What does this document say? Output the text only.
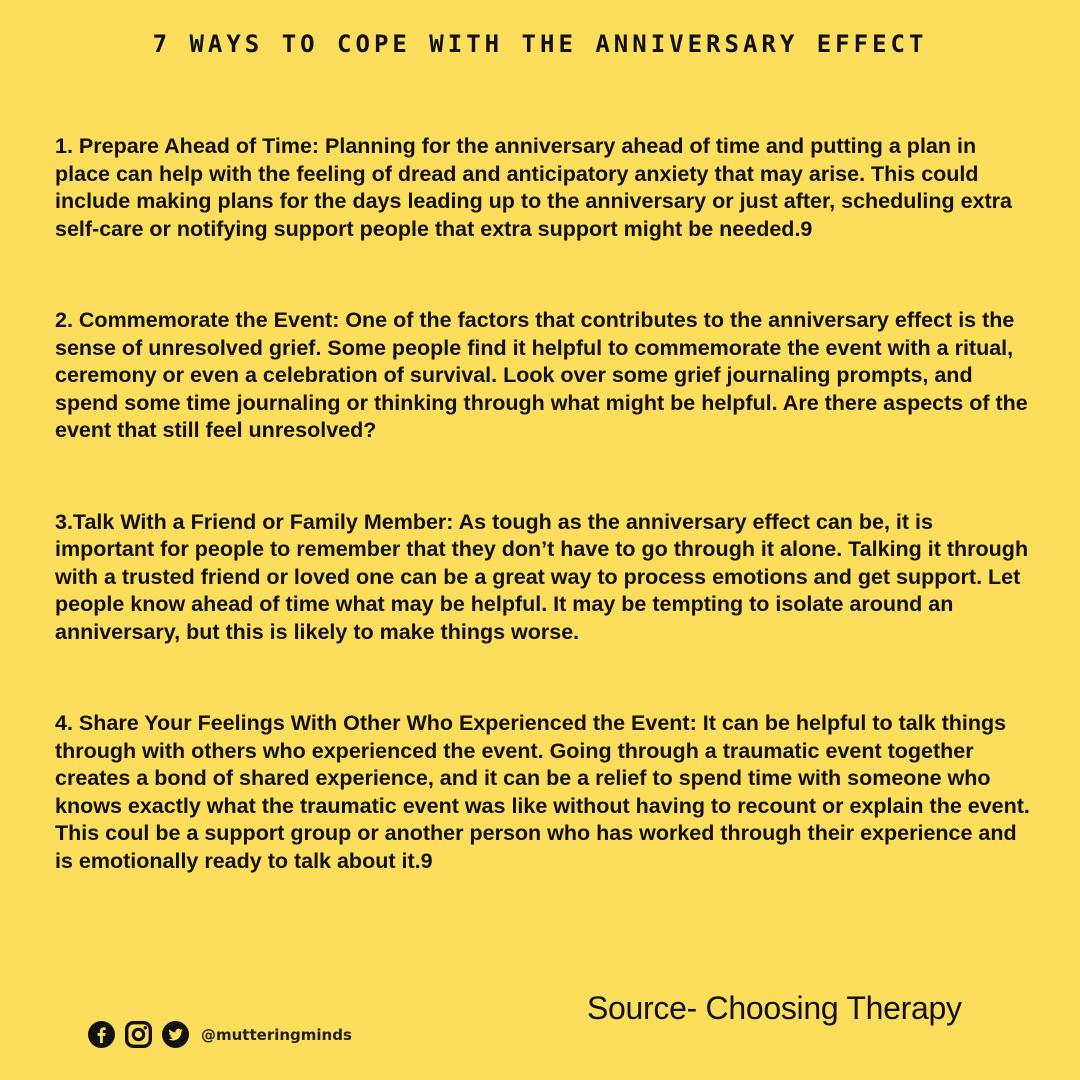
7 WAYS TO COPE WITH THE ANNIVERSARY EFFECT
1. Prepare Ahead of Time: Planning for the anniversary ahead of time and putting a plan in place can help with the feeling of dread and anticipatory anxiety that may arise. This could include making plans for the days leading up to the anniversary or just after, scheduling extra self-care or notifying support people that extra support might be needed.9
2. Commemorate the Event: One of the factors that contributes to the anniversary effect is the sense of unresolved grief. Some people find it helpful to commemorate the event with a ritual, ceremony or even a celebration of survival. Look over some grief journaling prompts, and spend some time journaling or thinking through what might be helpful. Are there aspects of the event that still feel unresolved?
3.Talk With a Friend or Family Member: As tough as the anniversary effect can be, it is important for people to remember that they don’t have to go through it alone. Talking it through with a trusted friend or loved one can be a great way to process emotions and get support. Let people know ahead of time what may be helpful. It may be tempting to isolate around an anniversary, but this is likely to make things worse.
4. Share Your Feelings With Other Who Experienced the Event: It can be helpful to talk things through with others who experienced the event. Going through a traumatic event together creates a bond of shared experience, and it can be a relief to spend time with someone who knows exactly what the traumatic event was like without having to recount or explain the event. This coul be a support group or another person who has worked through their experience and is emotionally ready to talk about it.9
Source- Choosing Therapy
@mutteringminds
